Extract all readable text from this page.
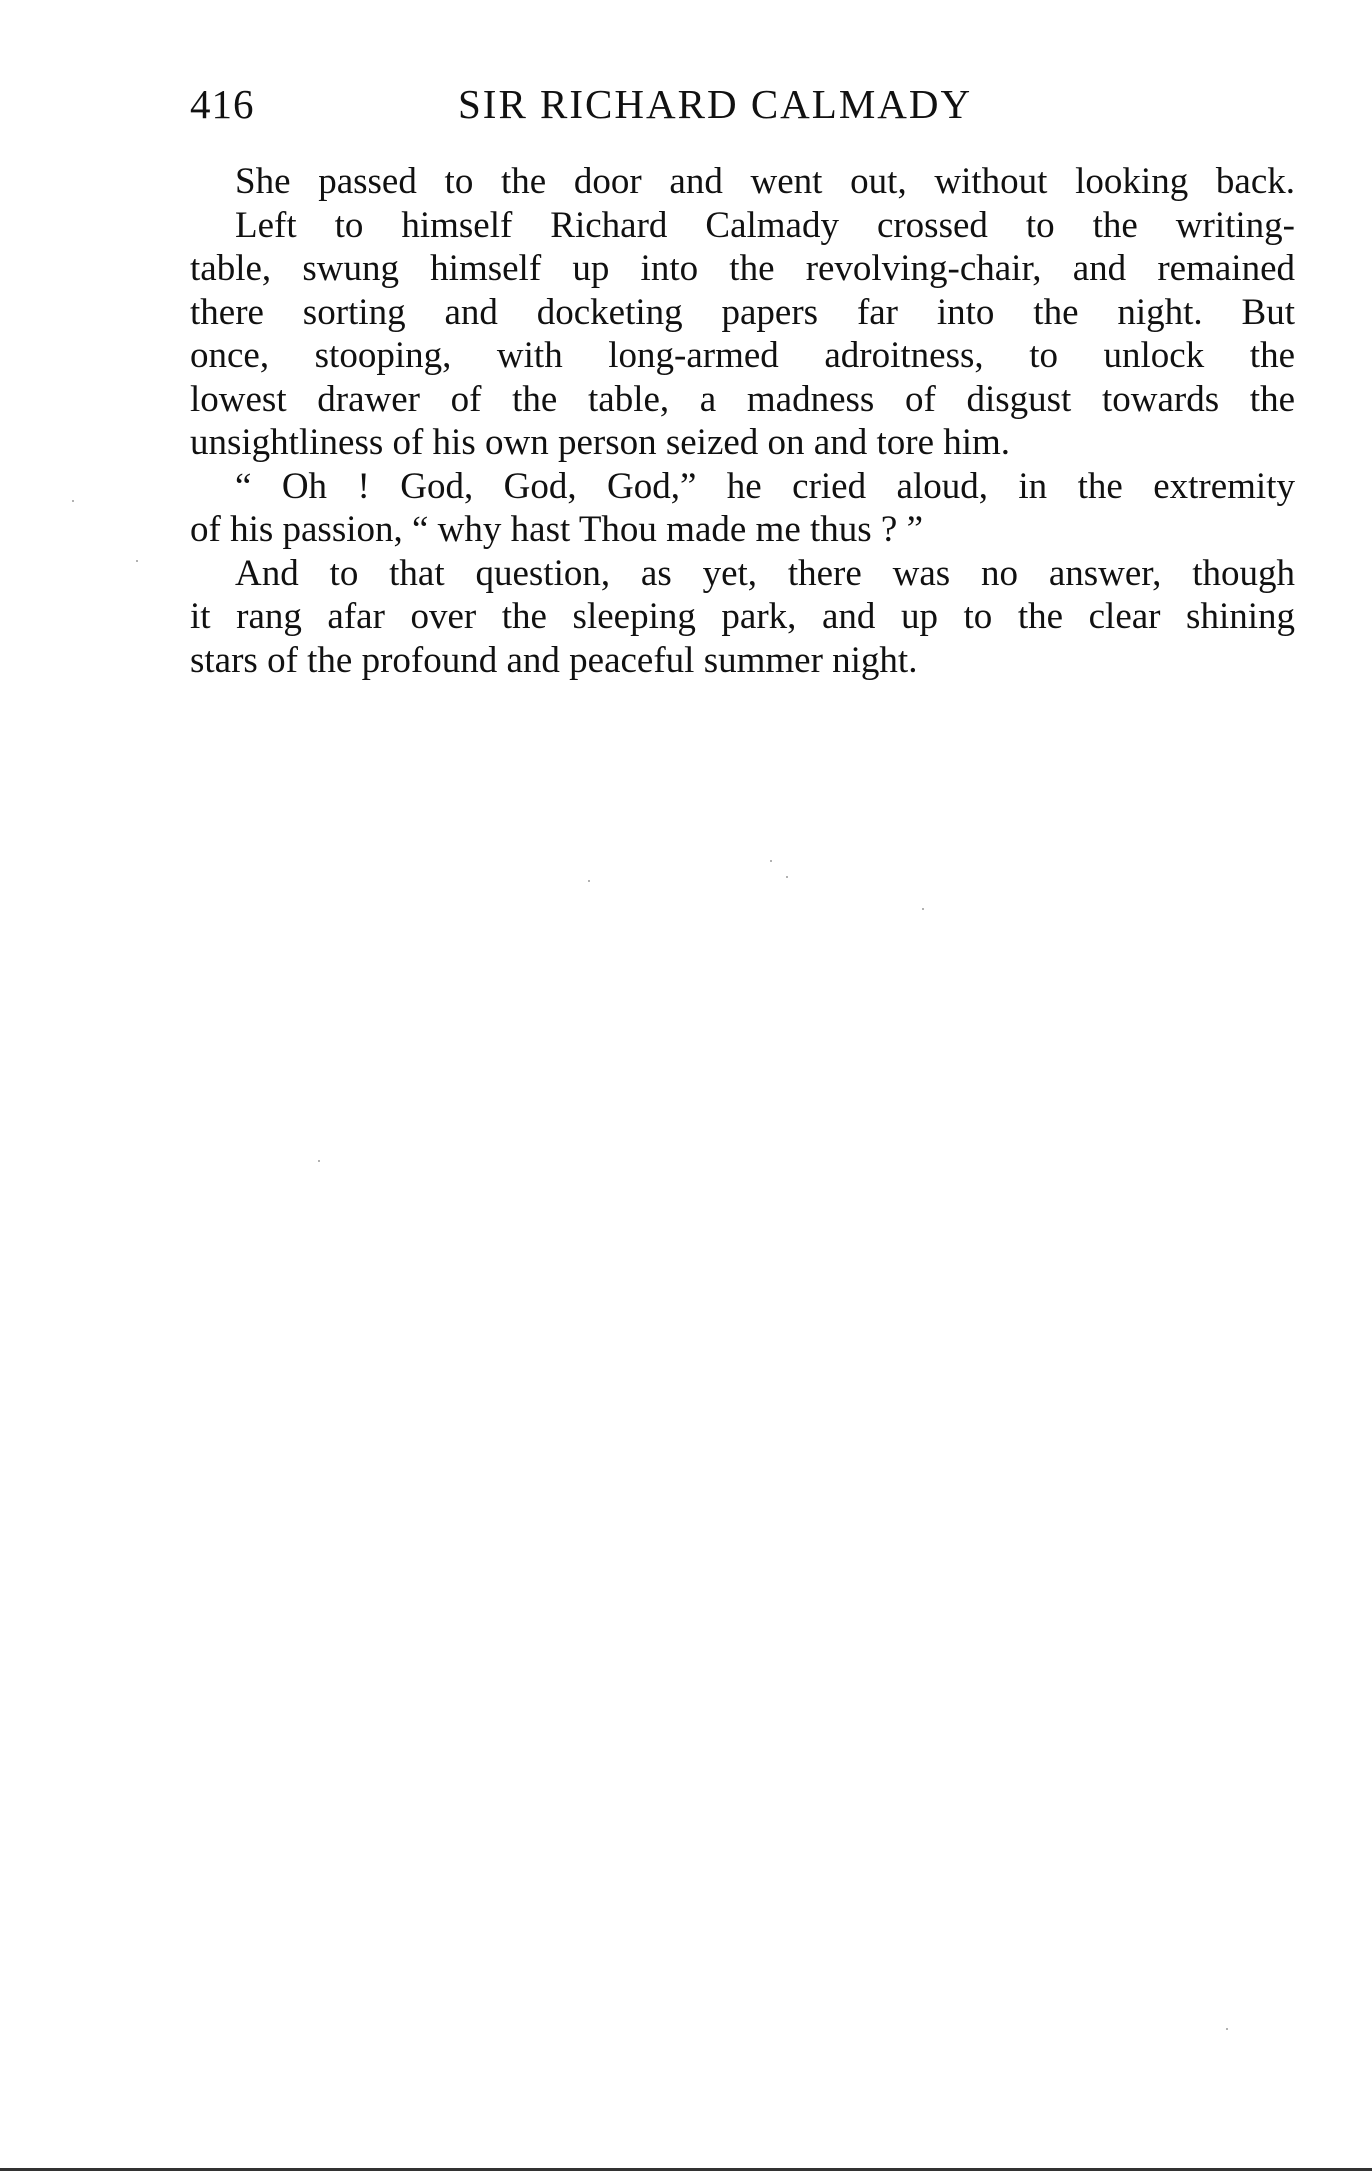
416	SIR RICHARD CALMADY
She passed to the door and went out, without looking back.
Left to himself Richard Calmady crossed to the writing-
table, swung himself up into the revolving-chair, and remained
there sorting and docketing papers far into the night. But
once, stooping, with long-armed adroitness, to unlock the
lowest drawer of the table, a madness of disgust towards the
unsightliness of his own person seized on and tore him.
“ Oh ! God, God, God,” he cried aloud, in the extremity
of his passion, “ why hast Thou made me thus ? ”
And to that question, as yet, there was no answer, though
it rang afar over the sleeping park, and up to the clear shining
stars of the profound and peaceful summer night.
